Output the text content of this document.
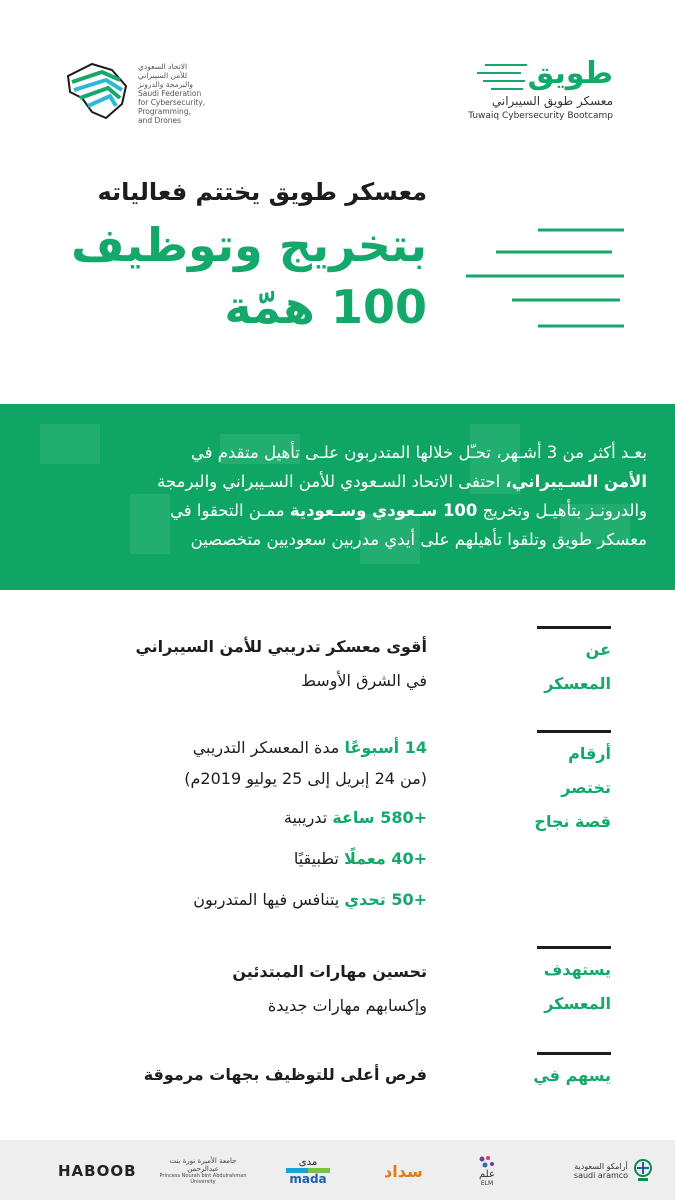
الاتحاد السعودي
للأمن السيبراني
والبرمجة والدرونز
Saudi Federation
for Cybersecurity,
Programming,
and Drones
طويق
معسكر طويق السيبراني
Tuwaiq Cybersecurity Bootcamp
معسكر طويق يختتم فعالياته
بتخريج وتوظيف
100 همّة
بعـد أكثر من 3 أشـهر، تحـّل خلالها المتدربون علـى تأهيل متقدم في
الأمن السـيبراني، احتفى الاتحاد السـعودي للأمن السـيبراني والبرمجة
والدرونـز بتأهيـل وتخريج 100 سـعودي وسـعودية ممـن التحقوا في
معسكر طويق وتلقوا تأهيلهم على أيدي مدربين سعوديين متخصصين
عن المعسكر
أقوى معسكر تدريبي للأمن السيبراني
في الشرق الأوسط
أرقام
تختصر
قصة نجاح
14 أسبوعًا مدة المعسكر التدريبي
(من 24 إبريل إلى 25 يوليو 2019م)
+580 ساعة تدريبية
+40 معملًا تطبيقيًا
+50 تحدي يتنافس فيها المتدربون
يستهدف
المعسكر
تحسين مهارات المبتدئين
وإكسابهم مهارات جديدة
يسهم في
فرص أعلى للتوظيف بجهات مرموقة
HABOOB
جامعة الأميرة نورة بنت عبدالرحمن
Princess Nourah bint Abdulrahman University
مدى
mada	سداد	علم
ELM
أرامكو السعودية
saudi aramco
